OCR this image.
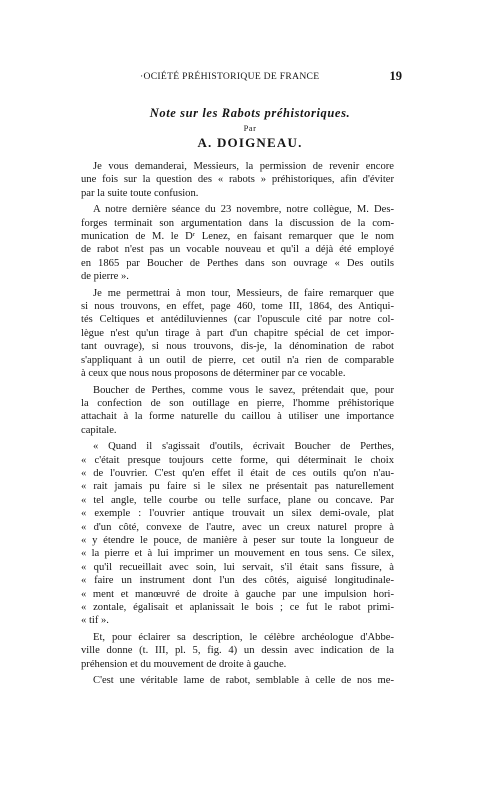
·OCIÉTÉ PRÉHISTORIQUE DE FRANCE	19
Note sur les Rabots préhistoriques.
Par
A. DOIGNEAU.
Je vous demanderai, Messieurs, la permission de revenir encore
une fois sur la question des « rabots » préhistoriques, afin d'éviter
par la suite toute confusion.
A notre dernière séance du 23 novembre, notre collègue, M. Des-
forges terminait son argumentation dans la discussion de la com-
munication de M. le Dʳ Lenez, en faisant remarquer que le nom
de rabot n'est pas un vocable nouveau et qu'il a déjà été employé
en 1865 par Boucher de Perthes dans son ouvrage « Des outils
de pierre ».
Je me permettrai à mon tour, Messieurs, de faire remarquer que
si nous trouvons, en effet, page 460, tome III, 1864, des Antiqui-
tés Celtiques et antédiluviennes (car l'opuscule cité par notre col-
lègue n'est qu'un tirage à part d'un chapitre spécial de cet impor-
tant ouvrage), si nous trouvons, dis-je, la dénomination de rabot
s'appliquant à un outil de pierre, cet outil n'a rien de comparable
à ceux que nous nous proposons de déterminer par ce vocable.
Boucher de Perthes, comme vous le savez, prétendait que, pour
la confection de son outillage en pierre, l'homme préhistorique
attachait à la forme naturelle du caillou à utiliser une importance
capitale.
« Quand il s'agissait d'outils, écrivait Boucher de Perthes,
« c'était presque toujours cette forme, qui déterminait le choix
« de l'ouvrier. C'est qu'en effet il était de ces outils qu'on n'au-
« rait jamais pu faire si le silex ne présentait pas naturellement
« tel angle, telle courbe ou telle surface, plane ou concave. Par
« exemple : l'ouvrier antique trouvait un silex demi-ovale, plat
« d'un côté, convexe de l'autre, avec un creux naturel propre à
« y étendre le pouce, de manière à peser sur toute la longueur de
« la pierre et à lui imprimer un mouvement en tous sens. Ce silex,
« qu'il recueillait avec soin, lui servait, s'il était sans fissure, à
« faire un instrument dont l'un des côtés, aiguisé longitudinale-
« ment et manœuvré de droite à gauche par une impulsion hori-
« zontale, égalisait et aplanissait le bois ; ce fut le rabot primi-
« tif ».
Et, pour éclairer sa description, le célèbre archéologue d'Abbe-
ville donne (t. III, pl. 5, fig. 4) un dessin avec indication de la
préhension et du mouvement de droite à gauche.
C'est une véritable lame de rabot, semblable à celle de nos me-
